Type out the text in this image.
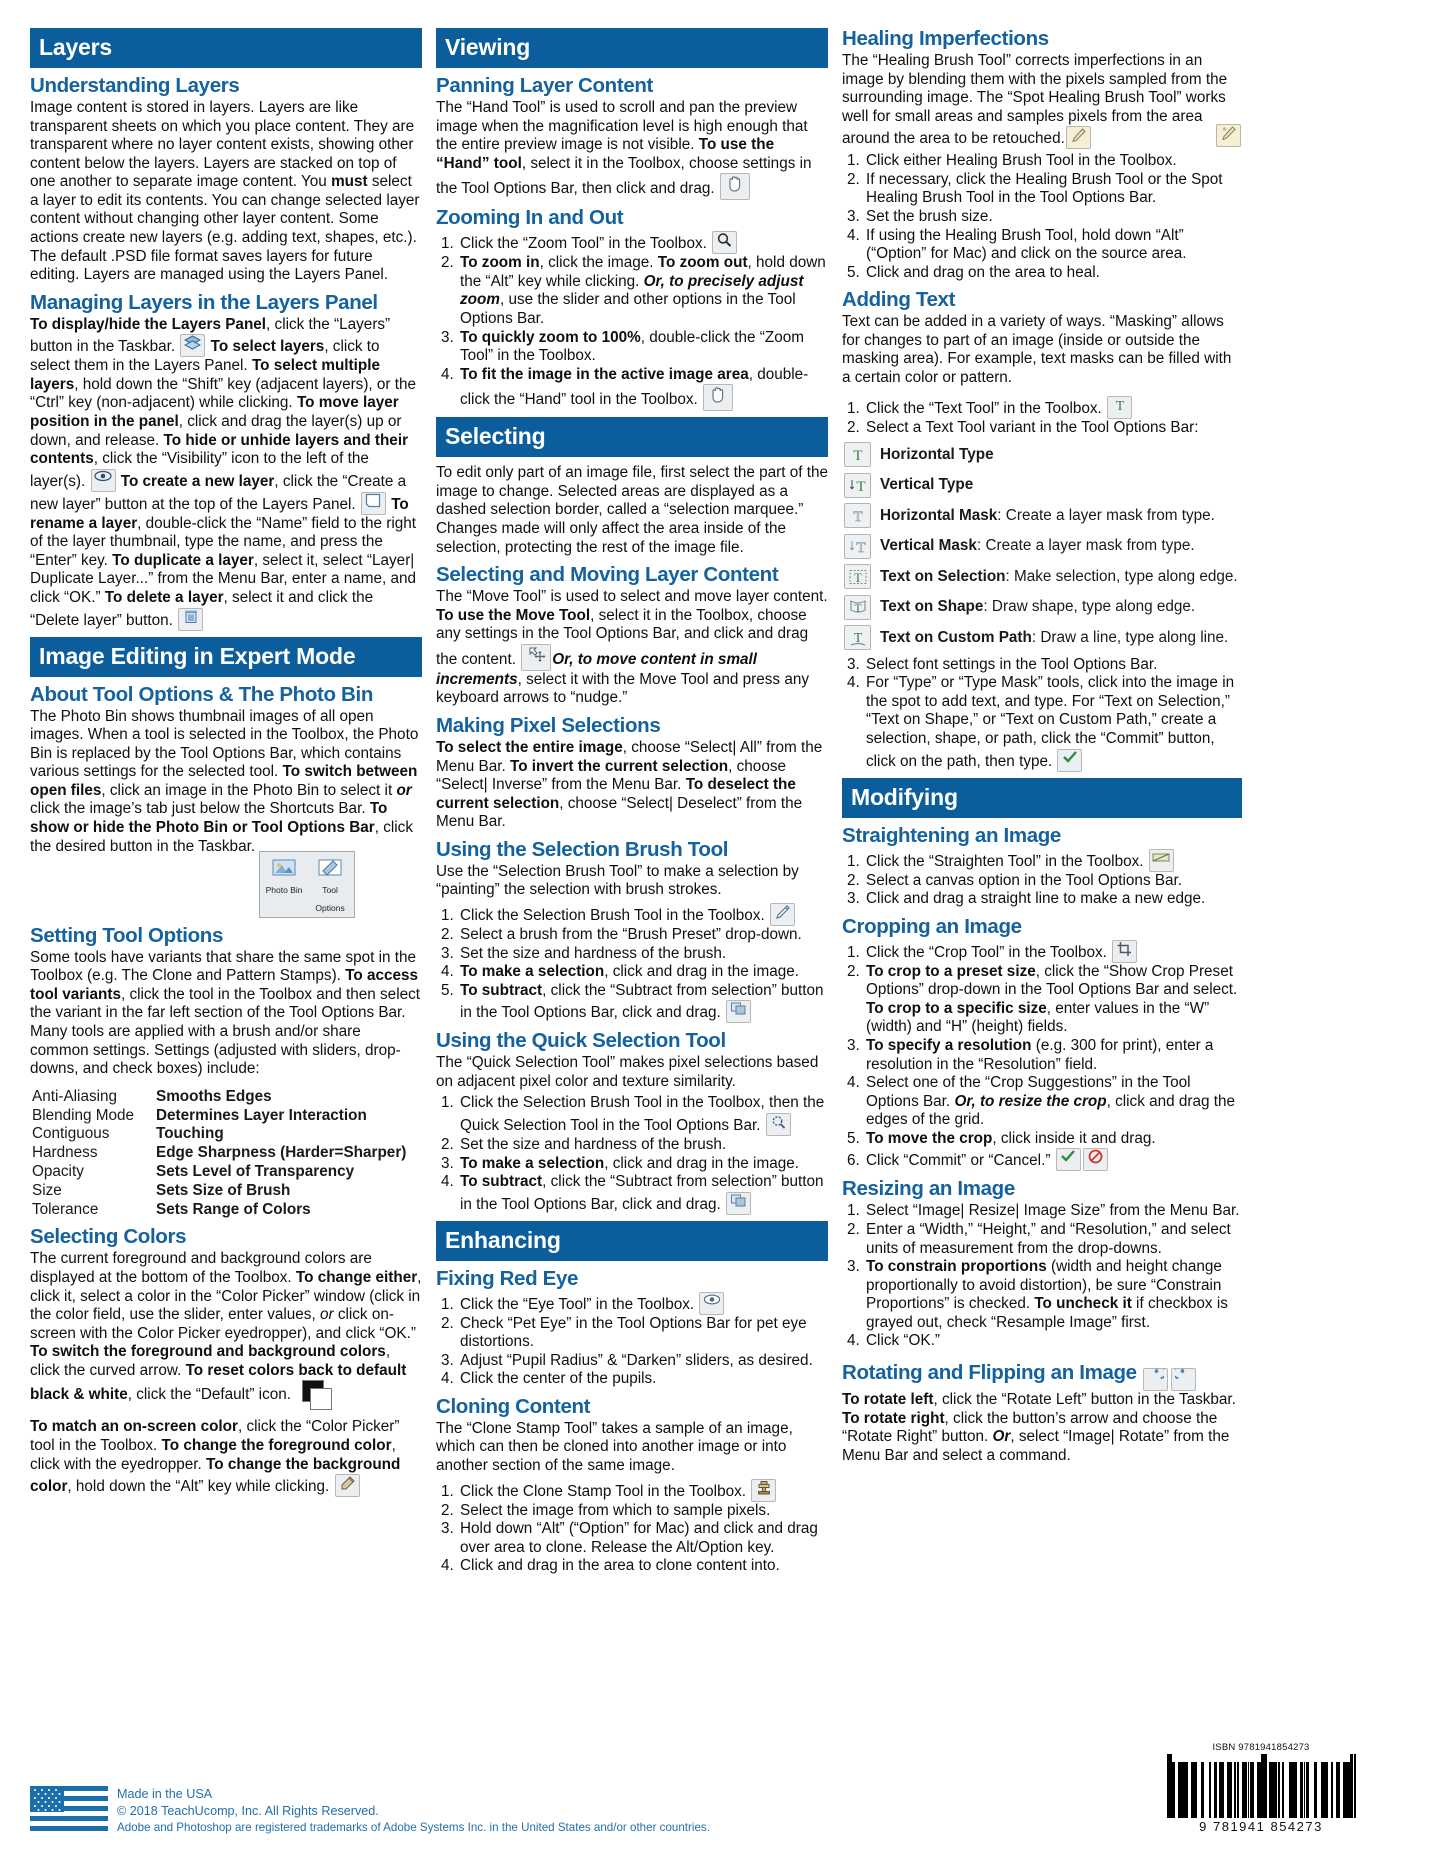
Layers
Understanding Layers

Image content is stored in layers. Layers are like transparent sheets on which you place content. They are transparent where no layer content exists, showing other content below the layers. Layers are stacked on top of one another to separate image content. You must select a layer to edit its contents. You can change selected layer content without changing other layer content. Some actions create new layers (e.g. adding text, shapes, etc.). The default .PSD file format saves layers for future editing. Layers are managed using the Layers Panel.

Managing Layers in the Layers Panel

To display/hide the Layers Panel, click the “Layers” button in the Taskbar.
To select layers, click to select them in the Layers Panel. To select multiple layers, hold down the “Shift” key (adjacent layers), or the “Ctrl” key (non-adjacent) while clicking. To move layer position in the panel, click and drag the layer(s) up or down, and release. To hide or unhide layers and their contents, click the “Visibility” icon to the left of the layer(s).
To create a new layer, click the “Create a new layer” button at the top of the Layers Panel.
To rename a layer, double-click the “Name” field to the right of the layer thumbnail, type the name, and press the “Enter” key. To duplicate a layer, select it, select “Layer| Duplicate Layer...” from the Menu Bar, enter a name, and click “OK.” To delete a layer, select it and click the “Delete layer” button.

Image Editing in Expert Mode
About Tool Options & The Photo Bin

The Photo Bin shows thumbnail images of all open images. When a tool is selected in the Toolbox, the Photo Bin is replaced by the Tool Options Bar, which contains various settings for the selected tool. To switch between open files, click an image in the Photo Bin to select it or click the image’s tab just below the Shortcuts Bar. To show or hide the Photo Bin or Tool Options Bar, click the desired button in the Taskbar.
Photo Bin	Tool Options

Setting Tool Options

Some tools have variants that share the same spot in the Toolbox (e.g. The Clone and Pattern Stamps). To access tool variants, click the tool in the Toolbox and then select the variant in the far left section of the Tool Options Bar. Many tools are applied with a brush and/or share common settings. Settings (adjusted with sliders, drop-downs, and check boxes) include:

Anti-Aliasing	Smooths Edges
Blending Mode	Determines Layer Interaction
Contiguous	Touching
Hardness	Edge Sharpness (Harder=Sharper)
Opacity	Sets Level of Transparency
Size	Sets Size of Brush
Tolerance	Sets Range of Colors
Selecting Colors

The current foreground and background colors are displayed at the bottom of the Toolbox. To change either, click it, select a color in the “Color Picker” window (click in the color field, use the slider, enter values, or click on-screen with the Color Picker eyedropper), and click “OK.” To switch the foreground and background colors, click the curved arrow. To reset colors back to default black & white, click the “Default” icon.

To match an on-screen color, click the “Color Picker” tool in the Toolbox. To change the foreground color, click with the eyedropper. To change the background color, hold down the “Alt” key while clicking.

Viewing
Panning Layer Content

The “Hand Tool” is used to scroll and pan the preview image when the magnification level is high enough that the entire preview image is not visible. To use the “Hand” tool, select it in the Toolbox, choose settings in the Tool Options Bar, then click and drag.

Zooming In and Out
1. Click the “Zoom Tool” in the Toolbox.
2. To zoom in, click the image. To zoom out, hold down the “Alt” key while clicking. Or, to precisely adjust zoom, use the slider and other options in the Tool Options Bar.
3. To quickly zoom to 100%, double-click the “Zoom Tool” in the Toolbox.
4. To fit the image in the active image area, double-click the “Hand” tool in the Toolbox.
Selecting

To edit only part of an image file, first select the part of the image to change. Selected areas are displayed as a dashed selection border, called a “selection marquee.” Changes made will only affect the area inside of the selection, protecting the rest of the image file.

Selecting and Moving Layer Content

The “Move Tool” is used to select and move layer content. To use the Move Tool, select it in the Toolbox, choose any settings in the Tool Options Bar, and click and drag the content.
Or, to move content in small increments, select it with the Move Tool and press any keyboard arrows to “nudge.”

Making Pixel Selections

To select the entire image, choose “Select| All” from the Menu Bar. To invert the current selection, choose “Select| Inverse” from the Menu Bar. To deselect the current selection, choose “Select| Deselect” from the Menu Bar.

Using the Selection Brush Tool

Use the “Selection Brush Tool” to make a selection by “painting” the selection with brush strokes.

1. Click the Selection Brush Tool in the Toolbox.
2. Select a brush from the “Brush Preset” drop-down.
3. Set the size and hardness of the brush.
4. To make a selection, click and drag in the image.
5. To subtract, click the “Subtract from selection” button in the Tool Options Bar, click and drag.
Using the Quick Selection Tool

The “Quick Selection Tool” makes pixel selections based on adjacent pixel color and texture similarity.

1. Click the Selection Brush Tool in the Toolbox, then the Quick Selection Tool in the Tool Options Bar.
2. Set the size and hardness of the brush.
3. To make a selection, click and drag in the image.
4. To subtract, click the “Subtract from selection” button in the Tool Options Bar, click and drag.
Enhancing
Fixing Red Eye
1. Click the “Eye Tool” in the Toolbox.
2. Check “Pet Eye” in the Tool Options Bar for pet eye distortions.
3. Adjust “Pupil Radius” & “Darken” sliders, as desired.
4. Click the center of the pupils.
Cloning Content

The “Clone Stamp Tool” takes a sample of an image, which can then be cloned into another image or into another section of the same image.

1. Click the Clone Stamp Tool in the Toolbox.
2. Select the image from which to sample pixels.
3. Hold down “Alt” (“Option” for Mac) and click and drag over area to clone. Release the Alt/Option key.
4. Click and drag in the area to clone content into.
Healing Imperfections

The “Healing Brush Tool” corrects imperfections in an image by blending them with the pixels sampled from the surrounding image. The “Spot Healing Brush Tool” works well for small areas and samples pixels from the area around the area to be retouched.

1. Click either Healing Brush Tool in the Toolbox.
2. If necessary, click the Healing Brush Tool or the Spot Healing Brush Tool in the Tool Options Bar.
3. Set the brush size.
4. If using the Healing Brush Tool, hold down “Alt” (“Option” for Mac) and click on the source area.
5. Click and drag on the area to heal.
Adding Text

Text can be added in a variety of ways. “Masking” allows for changes to part of an image (inside or outside the masking area). For example, text masks can be filled with a certain color or pattern.

1. Click the “Text Tool” in the Toolbox. T
2. Select a Text Tool variant in the Tool Options Bar:
T Horizontal Type
T Vertical Type
T Horizontal Mask: Create a layer mask from type.
T Vertical Mask: Create a layer mask from type.
T Text on Selection: Make selection, type along edge.
T Text on Shape: Draw shape, type along edge.
T Text on Custom Path: Draw a line, type along line.
3. Select font settings in the Tool Options Bar.
4. For “Type” or “Type Mask” tools, click into the image in the spot to add text, and type. For “Text on Selection,” “Text on Shape,” or “Text on Custom Path,” create a selection, shape, or path, click the “Commit” button, click on the path, then type.
Modifying
Straightening an Image
1. Click the “Straighten Tool” in the Toolbox.
2. Select a canvas option in the Tool Options Bar.
3. Click and drag a straight line to make a new edge.
Cropping an Image
1. Click the “Crop Tool” in the Toolbox.
2. To crop to a preset size, click the “Show Crop Preset Options” drop-down in the Tool Options Bar and select. To crop to a specific size, enter values in the “W” (width) and “H” (height) fields.
3. To specify a resolution (e.g. 300 for print), enter a resolution in the “Resolution” field.
4. Select one of the “Crop Suggestions” in the Tool Options Bar. Or, to resize the crop, click and drag the edges of the grid.
5. To move the crop, click inside it and drag.
6. Click “Commit” or “Cancel.”
Resizing an Image
1. Select “Image| Resize| Image Size” from the Menu Bar.
2. Enter a “Width,” “Height,” and “Resolution,” and select units of measurement from the drop-downs.
3. To constrain proportions (width and height change proportionally to avoid distortion), be sure “Constrain Proportions” is checked. To uncheck it if checkbox is grayed out, check “Resample Image” first.
4. Click “OK.”
Rotating and Flipping an Image

To rotate left, click the “Rotate Left” button in the Taskbar. To rotate right, click the button’s arrow and choose the “Rotate Right” button. Or, select “Image| Rotate” from the Menu Bar and select a command.

Made in the USA
© 2018 TeachUcomp, Inc. All Rights Reserved.
Adobe and Photoshop are registered trademarks of Adobe Systems Inc. in the United States and/or other countries.
ISBN 9781941854273
9 781941 854273
